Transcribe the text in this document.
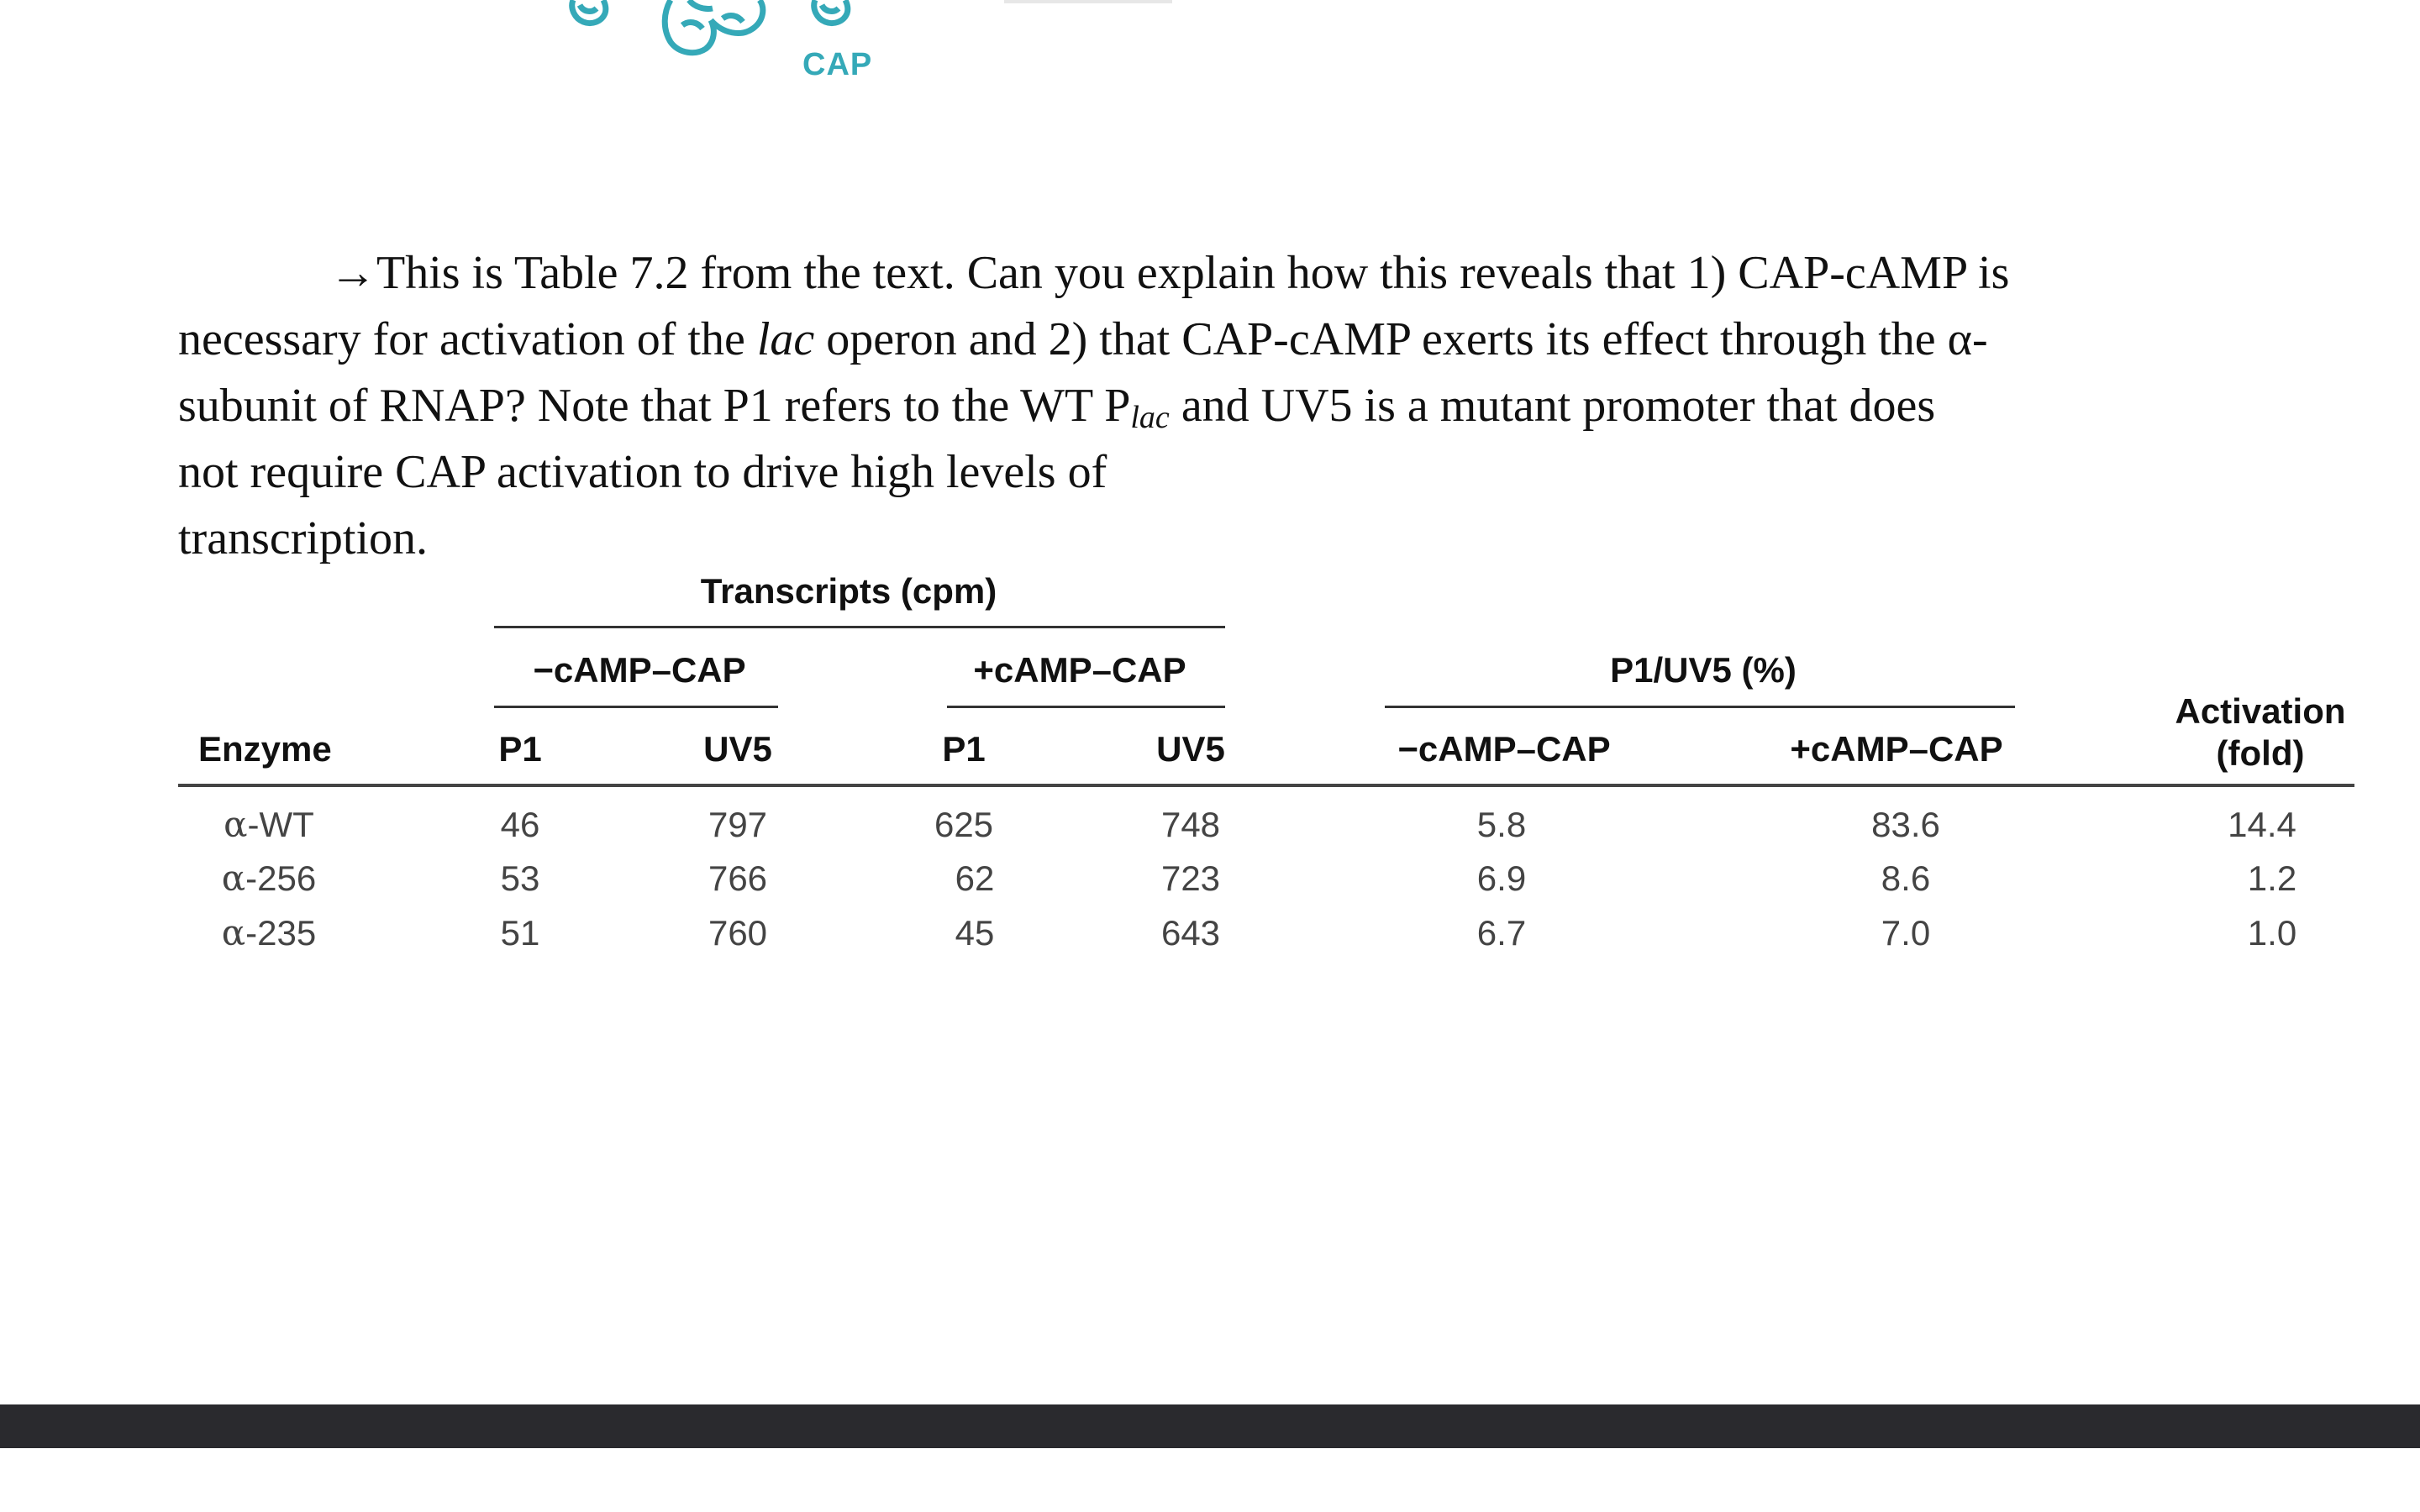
CAP
→This is Table 7.2 from the text. Can you explain how this reveals that 1) CAP-cAMP is
necessary for activation of the lac operon and 2) that CAP-cAMP exerts its effect through the α-
subunit of RNAP? Note that P1 refers to the WT $P_{lac}$ and UV5 is a mutant promoter that does
not require CAP activation to drive high levels of
transcription.
Transcripts (cpm)
−cAMP–CAP	+cAMP–CAP	P1/UV5 (%)
Enzyme	P1	UV5	P1	UV5	−cAMP–CAP	+cAMP–CAP
Activation
(fold)
α-WT	46	797	625	748	5.8	83.6	14.4
α-256	53	766	62	723	6.9	8.6	1.2
α-235	51	760	45	643	6.7	7.0	1.0
